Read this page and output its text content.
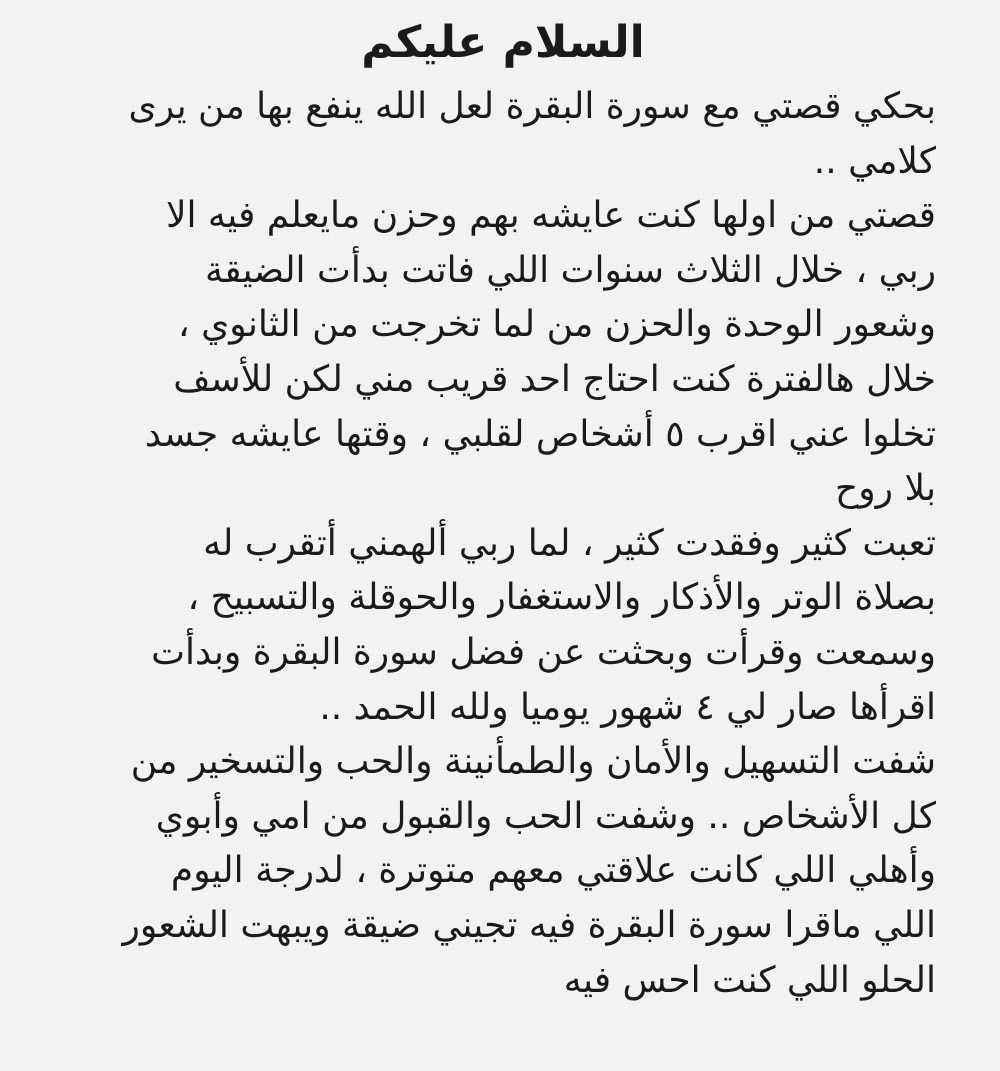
السلام عليكم
بحكي قصتي مع سورة البقرة لعل الله ينفع بها من يرى
كلامي ..
قصتي من اولها كنت عايشه بهم وحزن مايعلم فيه الا
ربي ، خلال الثلاث سنوات اللي فاتت بدأت الضيقة
وشعور الوحدة والحزن من لما تخرجت من الثانوي ،
خلال هالفترة كنت احتاج احد قريب مني لكن للأسف
تخلوا عني اقرب ٥ أشخاص لقلبي ، وقتها عايشه جسد
بلا روح
تعبت كثير وفقدت كثير ، لما ربي ألهمني أتقرب له
بصلاة الوتر والأذكار والاستغفار والحوقلة والتسبيح ،
وسمعت وقرأت وبحثت عن فضل سورة البقرة وبدأت
اقرأها صار لي ٤ شهور يوميا ولله الحمد ..
شفت التسهيل والأمان والطمأنينة والحب والتسخير من
كل الأشخاص .. وشفت الحب والقبول من امي وأبوي
وأهلي اللي كانت علاقتي معهم متوترة ، لدرجة اليوم
اللي ماقرا سورة البقرة فيه تجيني ضيقة ويبهت الشعور
الحلو اللي كنت احس فيه
